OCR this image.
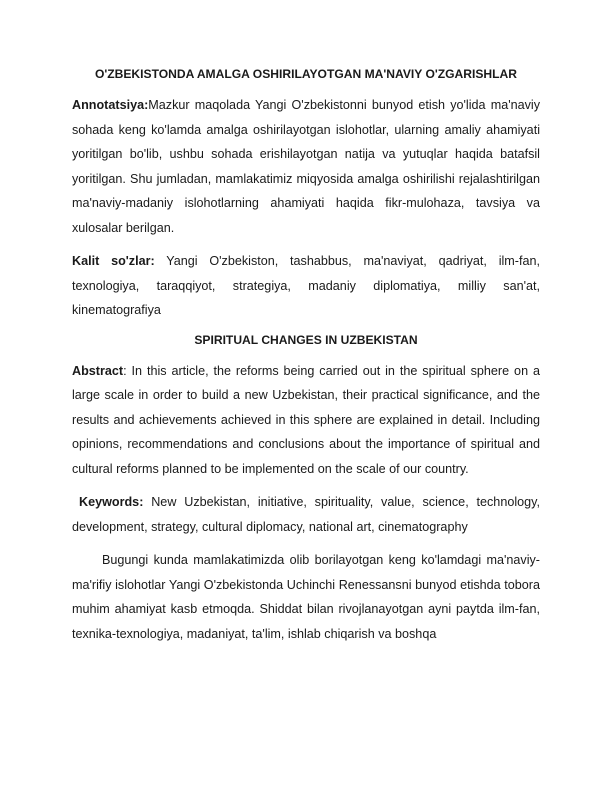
O'ZBEKISTONDA AMALGA OSHIRILAYOTGAN MA'NAVIY O'ZGARISHLAR

Annotatsiya:Mazkur maqolada Yangi O'zbekistonni bunyod etish yo'lida ma'naviy sohada keng ko'lamda amalga oshirilayotgan islohotlar, ularning amaliy ahamiyati yoritilgan bo'lib, ushbu sohada erishilayotgan natija va yutuqlar haqida batafsil yoritilgan. Shu jumladan, mamlakatimiz miqyosida amalga oshirilishi rejalashtirilgan ma'naviy-madaniy islohotlarning ahamiyati haqida fikr-mulohaza, tavsiya va xulosalar berilgan.

Kalit so'zlar: Yangi O'zbekiston, tashabbus, ma'naviyat, qadriyat, ilm-fan, texnologiya, taraqqiyot, strategiya, madaniy diplomatiya, milliy san'at, kinematografiya

SPIRITUAL CHANGES IN UZBEKISTAN

Abstract: In this article, the reforms being carried out in the spiritual sphere on a large scale in order to build a new Uzbekistan, their practical significance, and the results and achievements achieved in this sphere are explained in detail. Including opinions, recommendations and conclusions about the importance of spiritual and cultural reforms planned to be implemented on the scale of our country.

Keywords: New Uzbekistan, initiative, spirituality, value, science, technology, development, strategy, cultural diplomacy, national art, cinematography

Bugungi kunda mamlakatimizda olib borilayotgan keng ko'lamdagi ma'naviy-ma'rifiy islohotlar Yangi O'zbekistonda Uchinchi Renessansni bunyod etishda tobora muhim ahamiyat kasb etmoqda. Shiddat bilan rivojlanayotgan ayni paytda ilm-fan, texnika-texnologiya, madaniyat, ta'lim, ishlab chiqarish va boshqa
